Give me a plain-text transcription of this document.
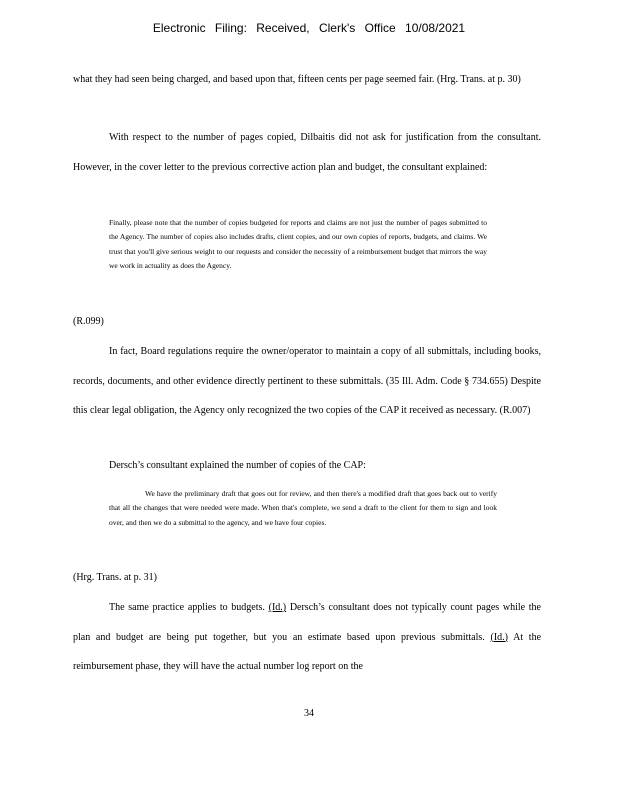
Electronic Filing: Received, Clerk's Office 10/08/2021

what they had seen being charged, and based upon that, fifteen cents per page seemed fair. (Hrg. Trans. at p. 30)

With respect to the number of pages copied, Dilbaitis did not ask for justification from the consultant. However, in the cover letter to the previous corrective action plan and budget, the consultant explained:

Finally, please note that the number of copies budgeted for reports and claims are not just the number of pages submitted to the Agency. The number of copies also includes drafts, client copies, and our own copies of reports, budgets, and claims. We trust that you'll give serious weight to our requests and consider the necessity of a reimbursement budget that mirrors the way we work in actuality as does the Agency.

(R.099)

In fact, Board regulations require the owner/operator to maintain a copy of all submittals, including books, records, documents, and other evidence directly pertinent to these submittals. (35 Ill. Adm. Code § 734.655) Despite this clear legal obligation, the Agency only recognized the two copies of the CAP it received as necessary. (R.007)

Dersch’s consultant explained the number of copies of the CAP:

We have the preliminary draft that goes out for review, and then there's a modified draft that goes back out to verify that all the changes that were needed were made. When that's complete, we send a draft to the client for them to sign and look over, and then we do a submittal to the agency, and we have four copies.

(Hrg. Trans. at p. 31)

The same practice applies to budgets. (Id.) Dersch’s consultant does not typically count pages while the plan and budget are being put together, but you an estimate based upon previous submittals. (Id.) At the reimbursement phase, they will have the actual number log report on the

34
